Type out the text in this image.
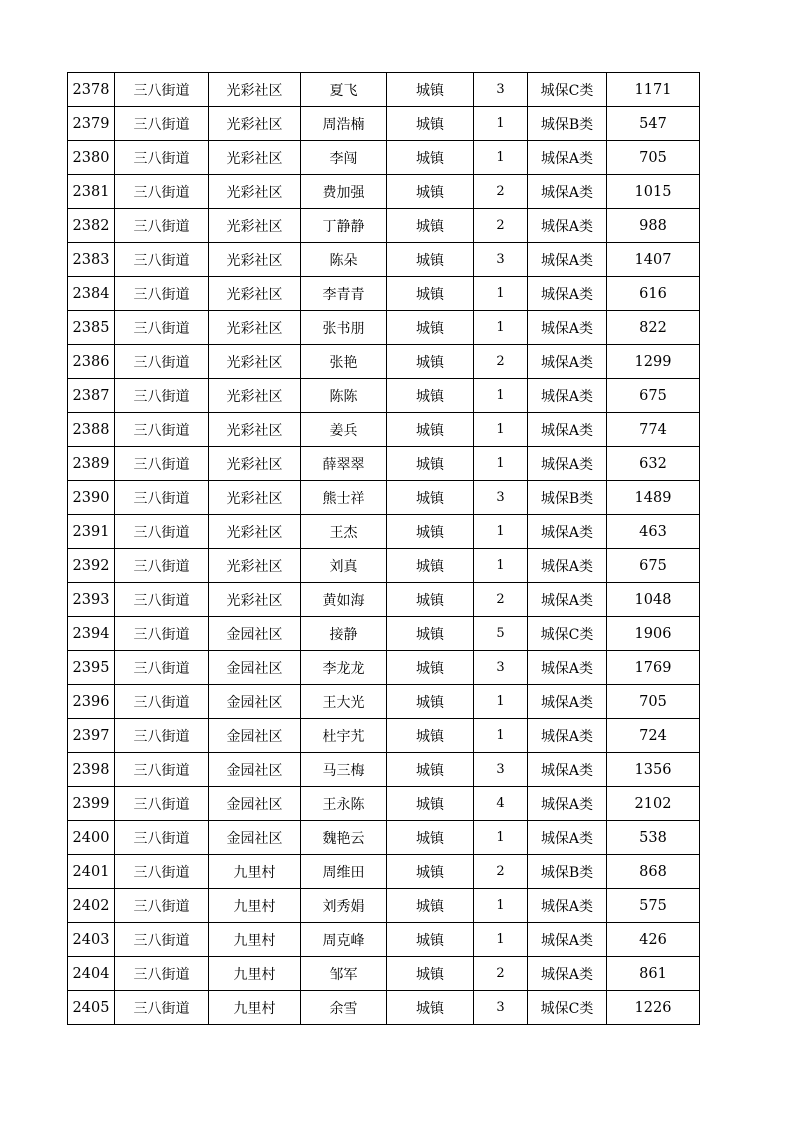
2378	三八街道	光彩社区	夏飞	城镇	3	城保C类	1171
2379	三八街道	光彩社区	周浩楠	城镇	1	城保B类	547
2380	三八街道	光彩社区	李闯	城镇	1	城保A类	705
2381	三八街道	光彩社区	费加强	城镇	2	城保A类	1015
2382	三八街道	光彩社区	丁静静	城镇	2	城保A类	988
2383	三八街道	光彩社区	陈朵	城镇	3	城保A类	1407
2384	三八街道	光彩社区	李青青	城镇	1	城保A类	616
2385	三八街道	光彩社区	张书朋	城镇	1	城保A类	822
2386	三八街道	光彩社区	张艳	城镇	2	城保A类	1299
2387	三八街道	光彩社区	陈陈	城镇	1	城保A类	675
2388	三八街道	光彩社区	姜兵	城镇	1	城保A类	774
2389	三八街道	光彩社区	薛翠翠	城镇	1	城保A类	632
2390	三八街道	光彩社区	熊士祥	城镇	3	城保B类	1489
2391	三八街道	光彩社区	王杰	城镇	1	城保A类	463
2392	三八街道	光彩社区	刘真	城镇	1	城保A类	675
2393	三八街道	光彩社区	黄如海	城镇	2	城保A类	1048
2394	三八街道	金园社区	接静	城镇	5	城保C类	1906
2395	三八街道	金园社区	李龙龙	城镇	3	城保A类	1769
2396	三八街道	金园社区	王大光	城镇	1	城保A类	705
2397	三八街道	金园社区	杜宇艽	城镇	1	城保A类	724
2398	三八街道	金园社区	马三梅	城镇	3	城保A类	1356
2399	三八街道	金园社区	王永陈	城镇	4	城保A类	2102
2400	三八街道	金园社区	魏艳云	城镇	1	城保A类	538
2401	三八街道	九里村	周维田	城镇	2	城保B类	868
2402	三八街道	九里村	刘秀娟	城镇	1	城保A类	575
2403	三八街道	九里村	周克峰	城镇	1	城保A类	426
2404	三八街道	九里村	邹军	城镇	2	城保A类	861
2405	三八街道	九里村	余雪	城镇	3	城保C类	1226
